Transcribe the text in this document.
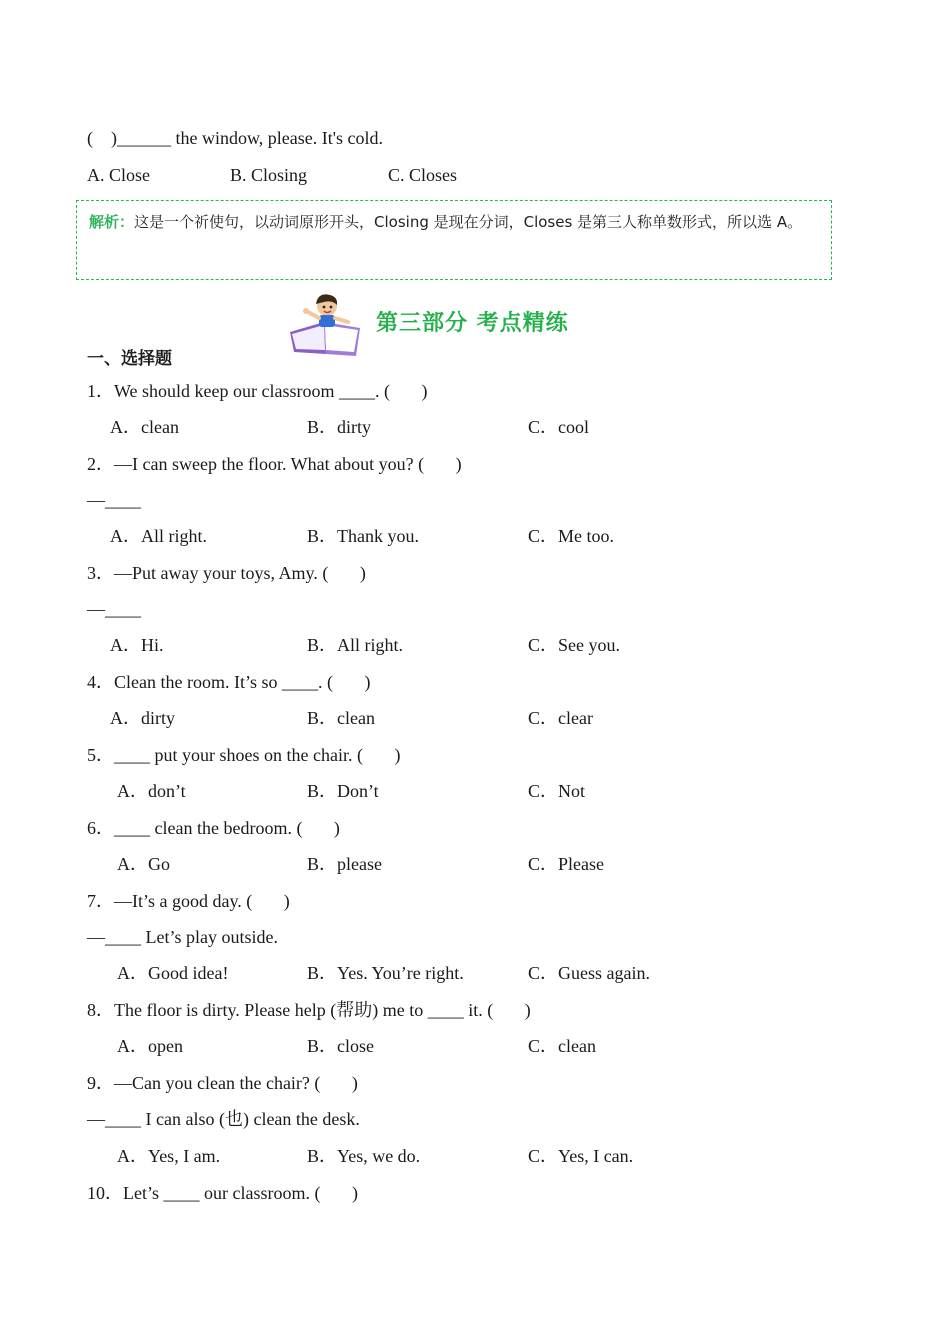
(    )______ the window, please. It's cold.
A. Close	B. Closing	C. Closes
解析：这是一个祈使句，以动词原形开头，Closing 是现在分词，Closes 是第三人称单数形式，所以选 A。
第三部分 考点精练
一、选择题
1．We should keep our classroom ____. (       )
A．clean	B．dirty	C．cool
2．—I can sweep the floor. What about you? (       )
—____
A．All right.	B．Thank you.	C．Me too.
3．—Put away your toys, Amy. (       )
—____
A．Hi.	B．All right.	C．See you.
4．Clean the room. It’s so ____. (       )
A．dirty	B．clean	C．clear
5．____ put your shoes on the chair. (       )
A．don’t	B．Don’t	C．Not
6．____ clean the bedroom. (       )
A．Go	B．please	C．Please
7．—It’s a good day. (       )
—____ Let’s play outside.
A．Good idea!	B．Yes. You’re right.	C．Guess again.
8．The floor is dirty. Please help (帮助) me to ____ it. (       )
A．open	B．close	C．clean
9．—Can you clean the chair? (       )
—____ I can also (也) clean the desk.
A．Yes, I am.	B．Yes, we do.	C．Yes, I can.
10．Let’s ____ our classroom. (       )
